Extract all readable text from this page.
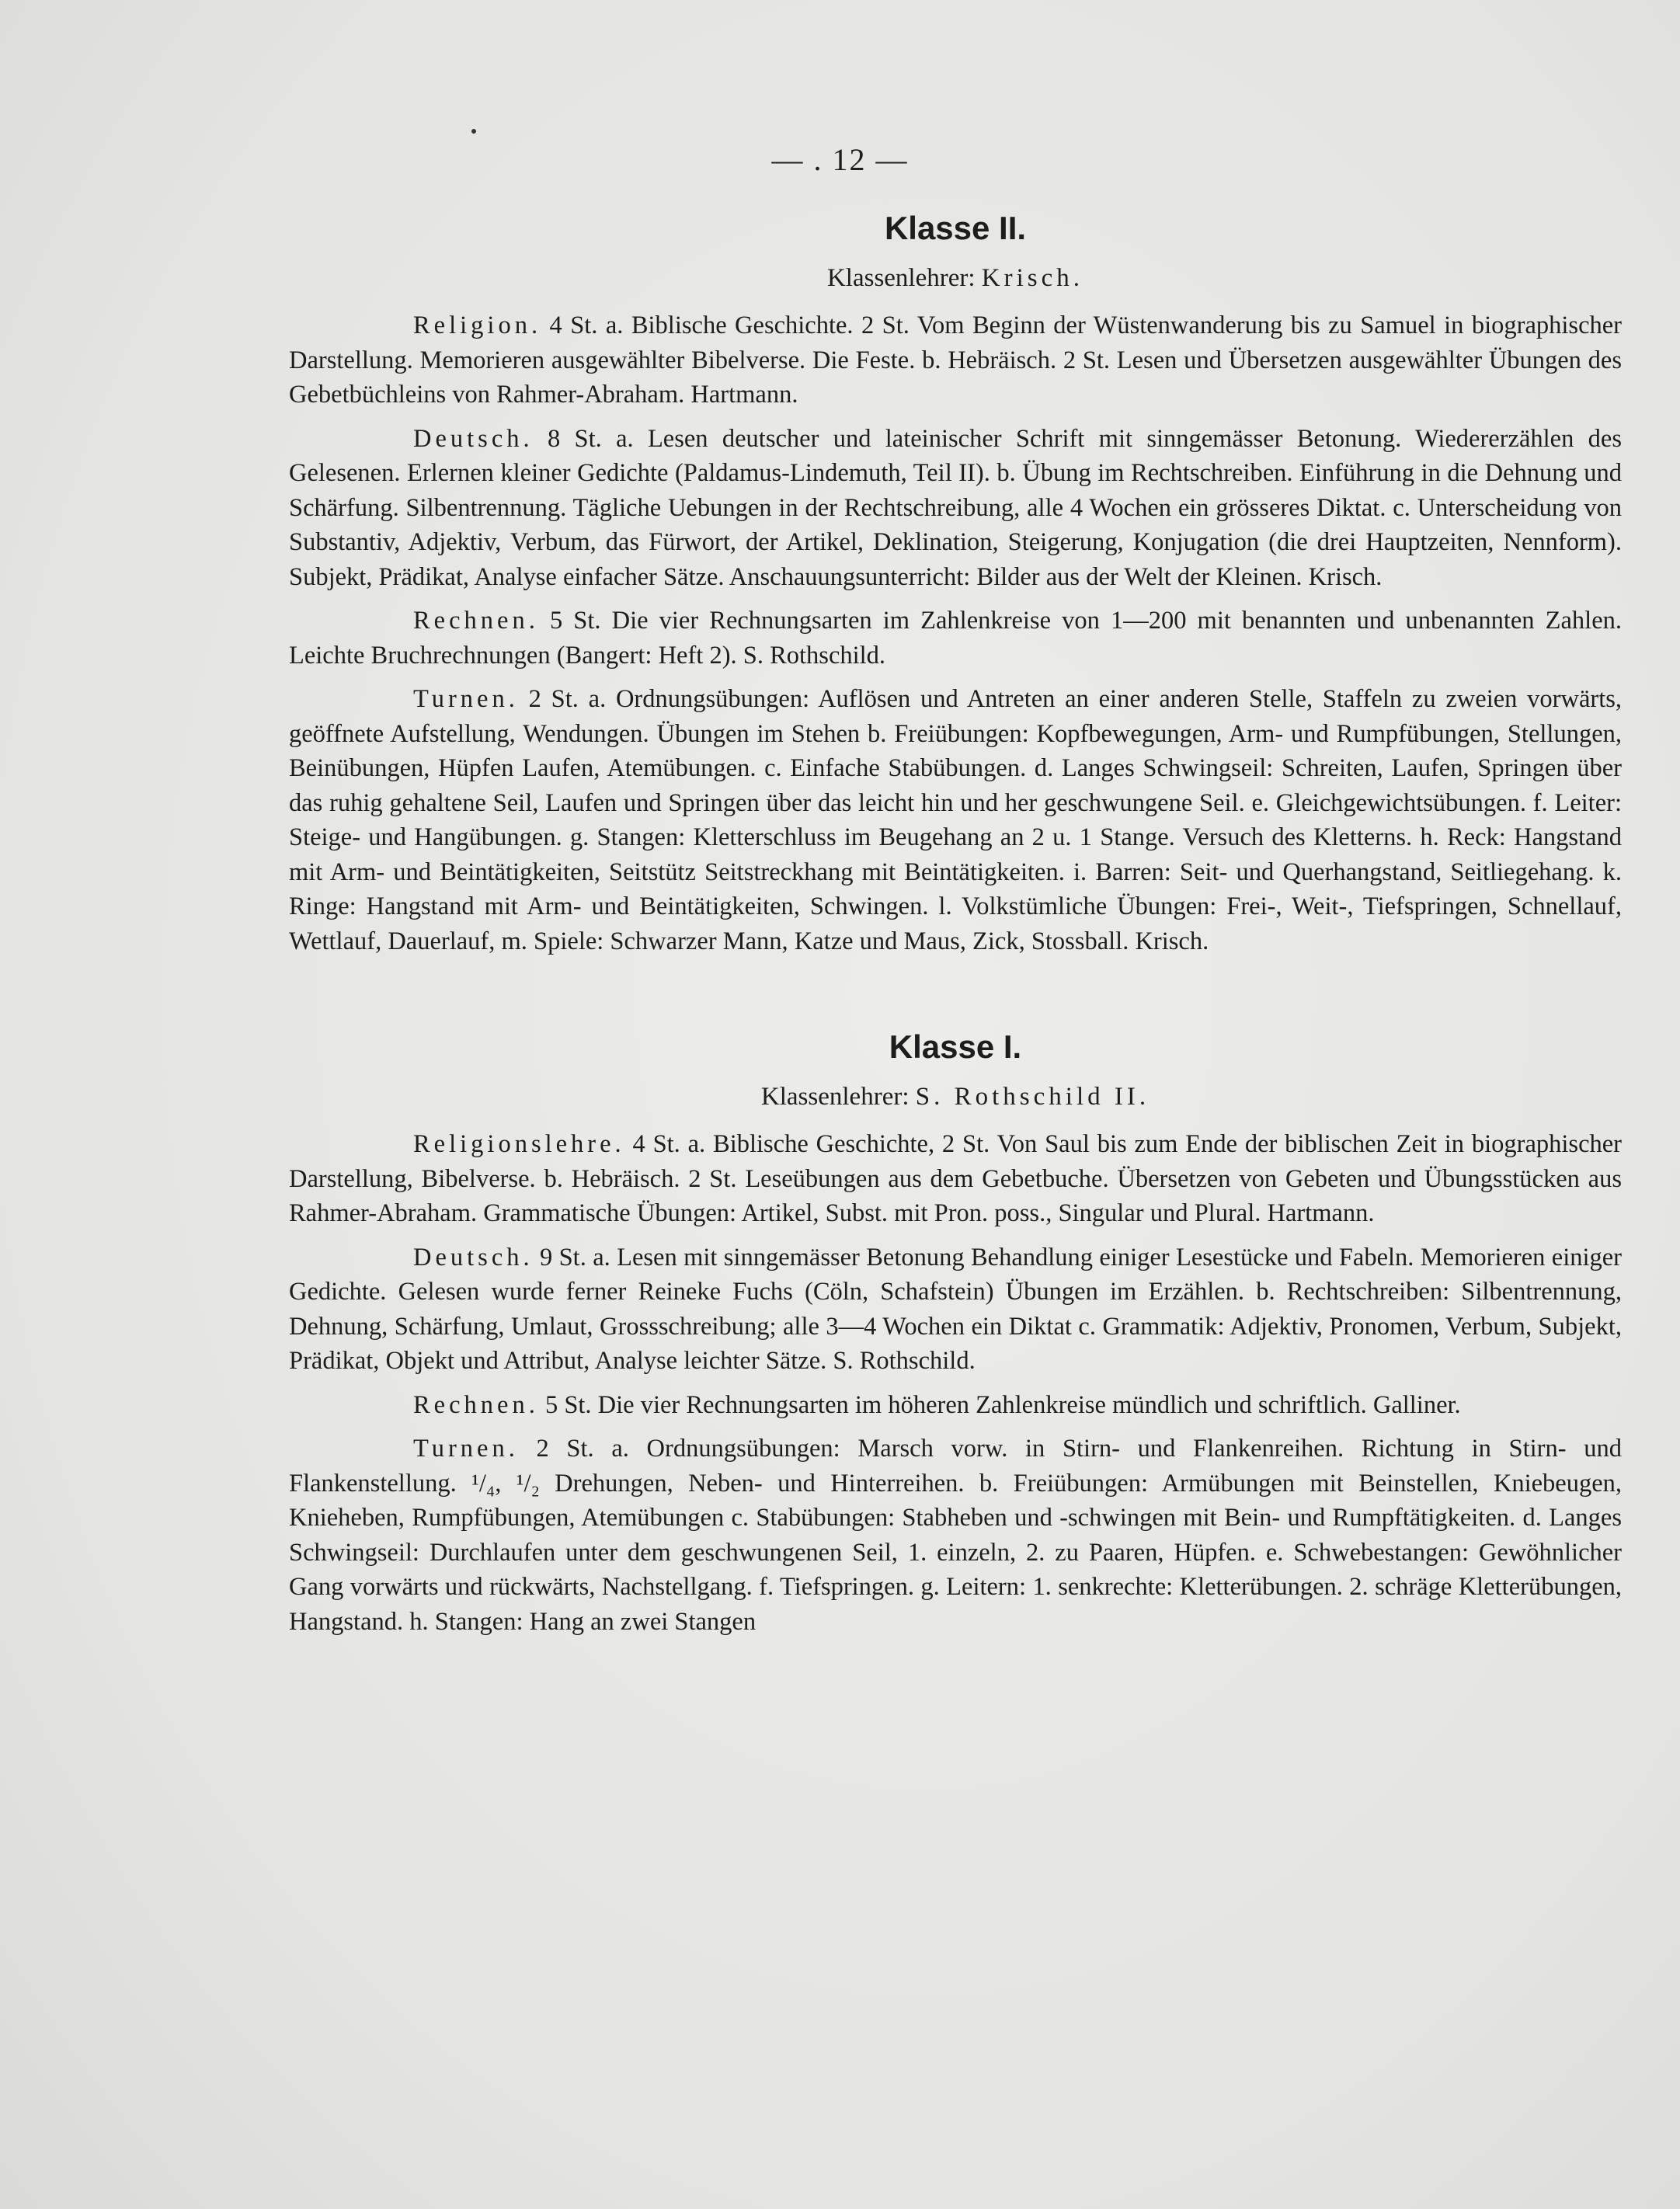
— . 12 —
Klasse II.
Klassenlehrer: Krisch.

Religion. 4 St. a. Biblische Geschichte. 2 St. Vom Beginn der Wüstenwanderung bis zu Samuel in biographischer Darstellung. Memorieren ausgewählter Bibelverse. Die Feste. b. Hebräisch. 2 St. Lesen und Übersetzen ausgewählter Übungen des Gebetbüchleins von Rahmer-Abraham. Hartmann.

Deutsch. 8 St. a. Lesen deutscher und lateinischer Schrift mit sinngemässer Betonung. Wiedererzählen des Gelesenen. Erlernen kleiner Gedichte (Paldamus-Lindemuth, Teil II). b. Übung im Rechtschreiben. Einführung in die Dehnung und Schärfung. Silbentrennung. Tägliche Uebungen in der Rechtschreibung, alle 4 Wochen ein grösseres Diktat. c. Unterscheidung von Substantiv, Adjektiv, Verbum, das Fürwort, der Artikel, Deklination, Steigerung, Konjugation (die drei Hauptzeiten, Nennform). Subjekt, Prädikat, Analyse einfacher Sätze. Anschauungsunterricht: Bilder aus der Welt der Kleinen. Krisch.

Rechnen. 5 St. Die vier Rechnungsarten im Zahlenkreise von 1—200 mit benannten und unbenannten Zahlen. Leichte Bruchrechnungen (Bangert: Heft 2). S. Rothschild.

Turnen. 2 St. a. Ordnungsübungen: Auflösen und Antreten an einer anderen Stelle, Staffeln zu zweien vorwärts, geöffnete Aufstellung, Wendungen. Übungen im Stehen b. Freiübungen: Kopfbewegungen, Arm- und Rumpfübungen, Stellungen, Beinübungen, Hüpfen Laufen, Atemübungen. c. Einfache Stabübungen. d. Langes Schwingseil: Schreiten, Laufen, Springen über das ruhig gehaltene Seil, Laufen und Springen über das leicht hin und her geschwungene Seil. e. Gleichgewichtsübungen. f. Leiter: Steige- und Hangübungen. g. Stangen: Kletterschluss im Beugehang an 2 u. 1 Stange. Versuch des Kletterns. h. Reck: Hangstand mit Arm- und Beintätigkeiten, Seitstütz Seitstreckhang mit Beintätigkeiten. i. Barren: Seit- und Querhangstand, Seitliegehang. k. Ringe: Hangstand mit Arm- und Beintätigkeiten, Schwingen. l. Volkstümliche Übungen: Frei-, Weit-, Tiefspringen, Schnellauf, Wettlauf, Dauerlauf, m. Spiele: Schwarzer Mann, Katze und Maus, Zick, Stossball. Krisch.

Klasse I.
Klassenlehrer: S. Rothschild II.

Religionslehre. 4 St. a. Biblische Geschichte, 2 St. Von Saul bis zum Ende der biblischen Zeit in biographischer Darstellung, Bibelverse. b. Hebräisch. 2 St. Leseübungen aus dem Gebetbuche. Übersetzen von Gebeten und Übungsstücken aus Rahmer-Abraham. Grammatische Übungen: Artikel, Subst. mit Pron. poss., Singular und Plural. Hartmann.

Deutsch. 9 St. a. Lesen mit sinngemässer Betonung Behandlung einiger Lesestücke und Fabeln. Memorieren einiger Gedichte. Gelesen wurde ferner Reineke Fuchs (Cöln, Schafstein) Übungen im Erzählen. b. Rechtschreiben: Silbentrennung, Dehnung, Schärfung, Umlaut, Grossschreibung; alle 3—4 Wochen ein Diktat c. Grammatik: Adjektiv, Pronomen, Verbum, Subjekt, Prädikat, Objekt und Attribut, Analyse leichter Sätze. S. Rothschild.

Rechnen. 5 St. Die vier Rechnungsarten im höheren Zahlenkreise mündlich und schriftlich. Galliner.

Turnen. 2 St. a. Ordnungsübungen: Marsch vorw. in Stirn- und Flankenreihen. Richtung in Stirn- und Flankenstellung. ¹/₄, ¹/₂ Drehungen, Neben- und Hinterreihen. b. Freiübungen: Armübungen mit Beinstellen, Kniebeugen, Knieheben, Rumpfübungen, Atemübungen c. Stabübungen: Stabheben und -schwingen mit Bein- und Rumpftätigkeiten. d. Langes Schwingseil: Durchlaufen unter dem geschwungenen Seil, 1. einzeln, 2. zu Paaren, Hüpfen. e. Schwebestangen: Gewöhnlicher Gang vorwärts und rückwärts, Nachstellgang. f. Tiefspringen. g. Leitern: 1. senkrechte: Kletterübungen. 2. schräge Kletterübungen, Hangstand. h. Stangen: Hang an zwei Stangen
